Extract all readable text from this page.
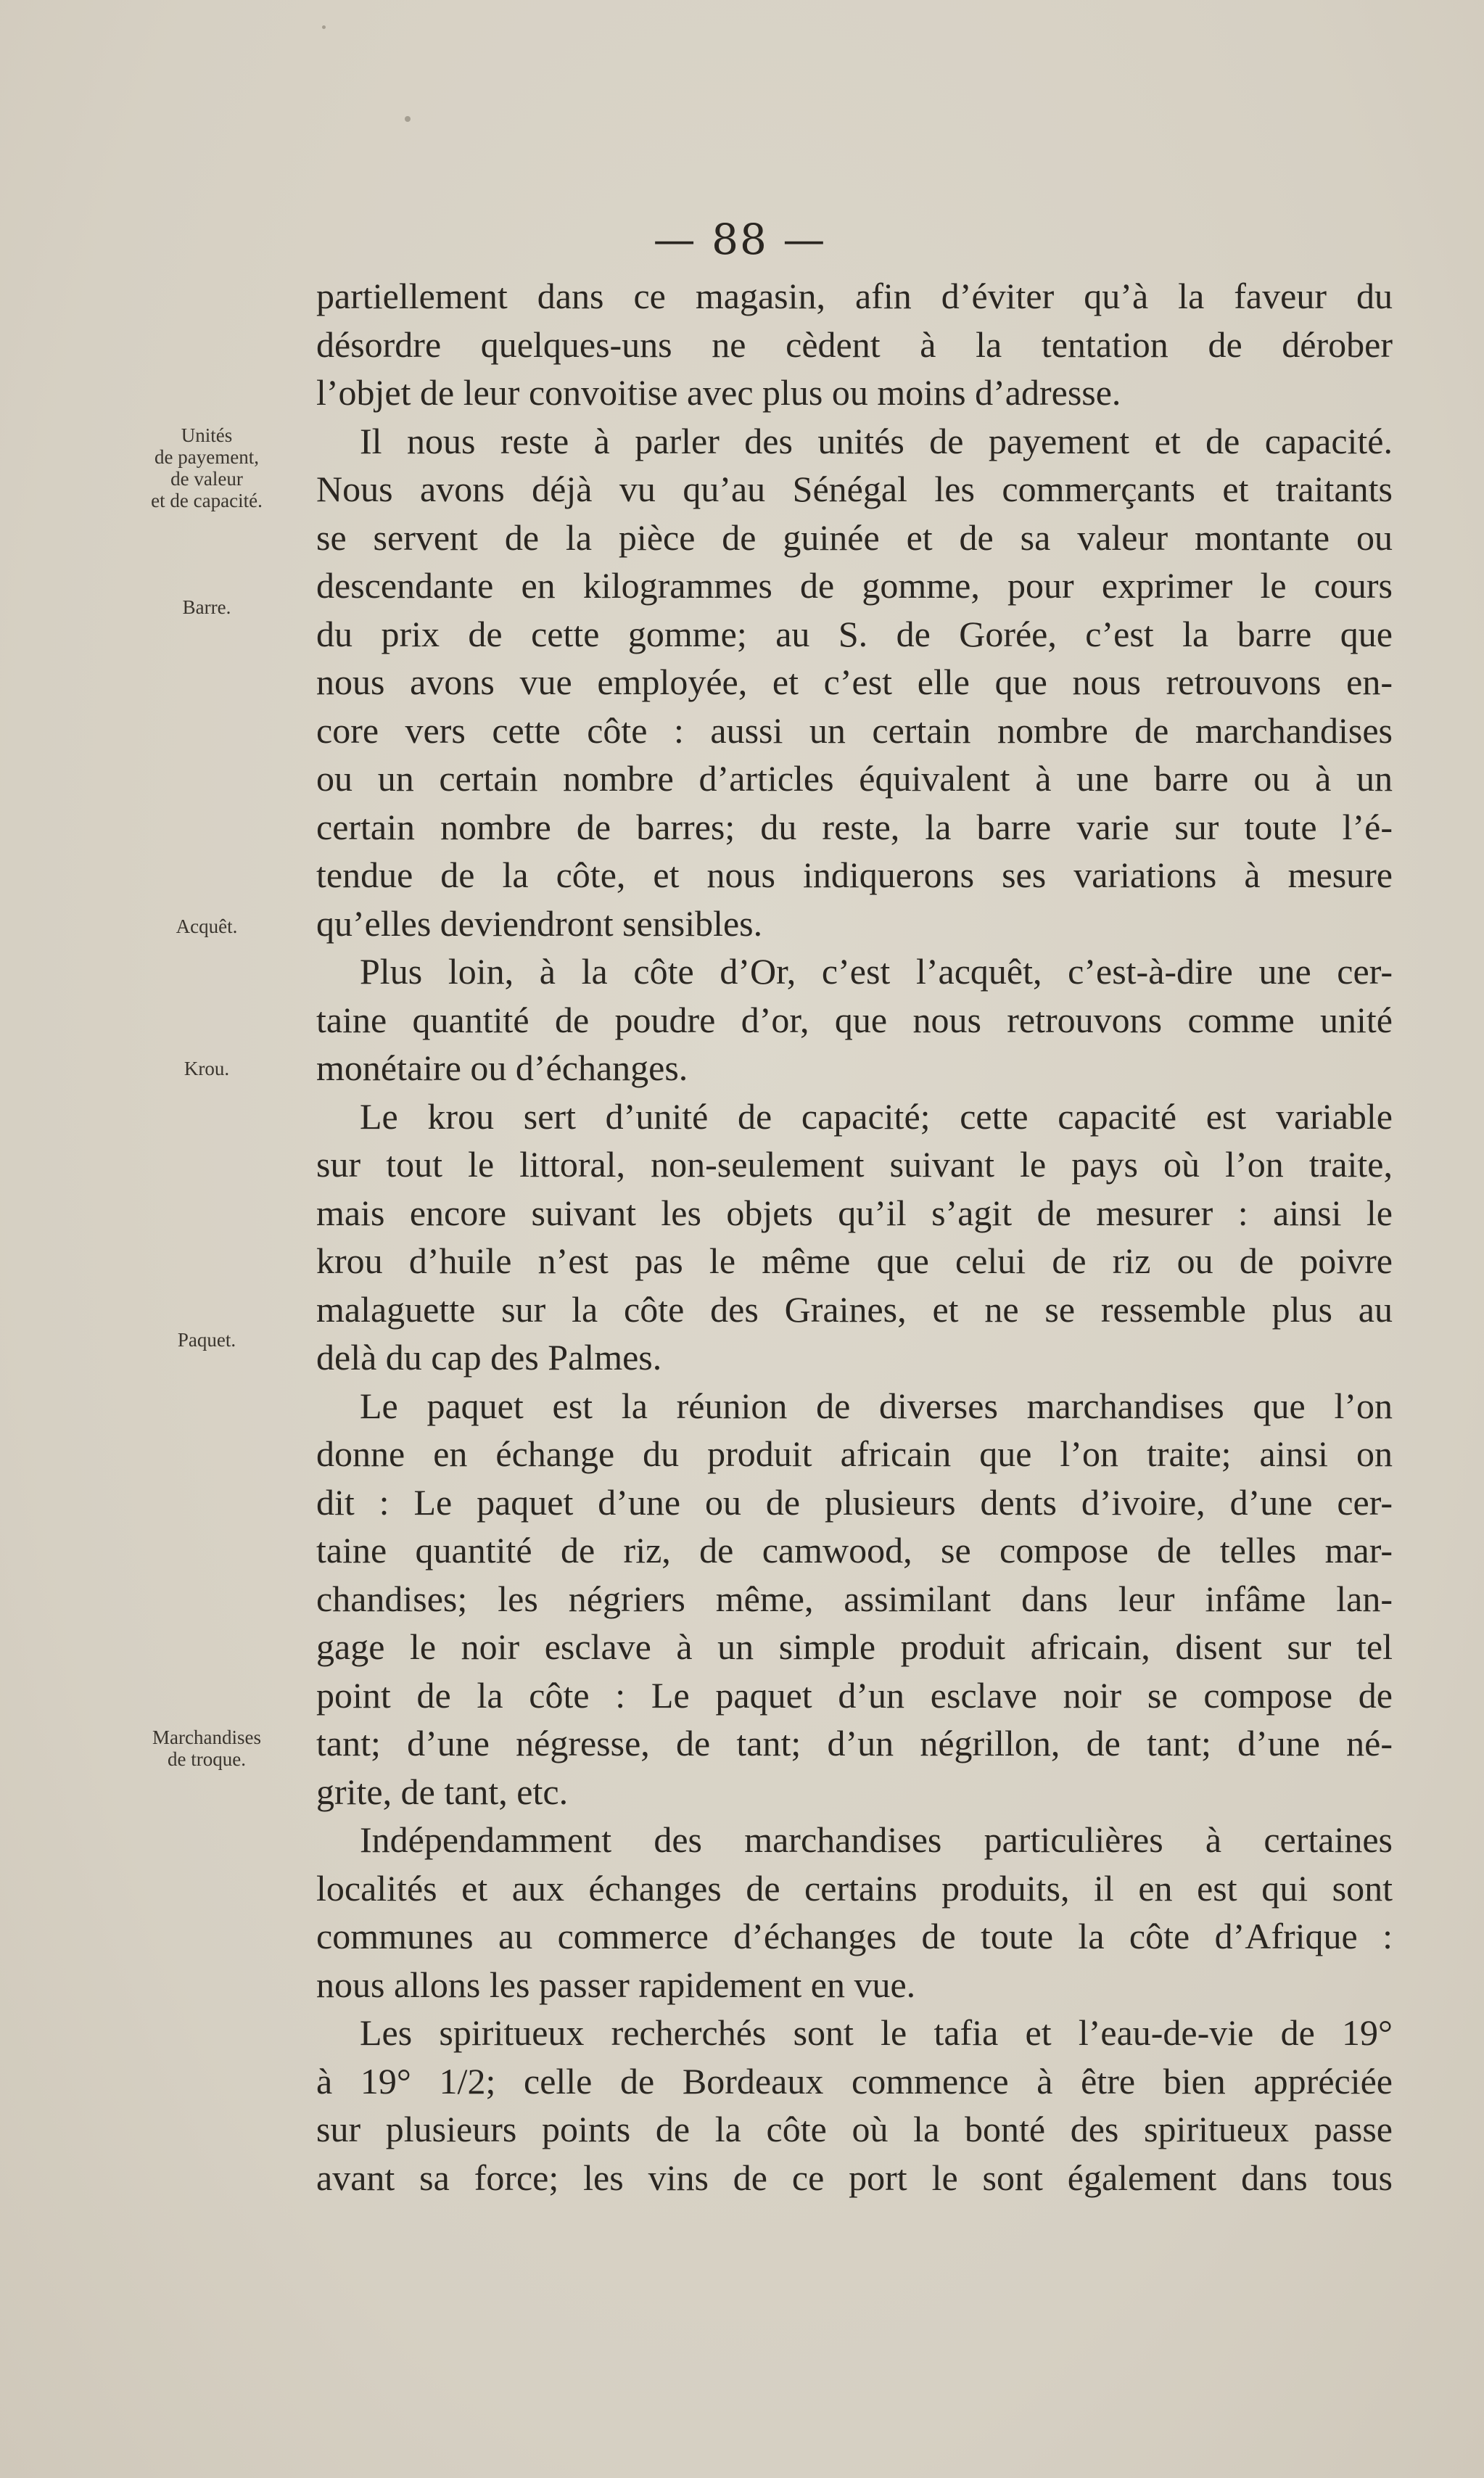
— 88 —
Unités
de payement,
de valeur
et de capacité.
Barre.
Acquêt.
Krou.
Paquet.
Marchandises
de troque.
partiellement dans ce magasin, afin d’éviter qu’à la faveur du
désordre quelques-uns ne cèdent à la tentation de dérober
l’objet de leur convoitise avec plus ou moins d’adresse.
Il nous reste à parler des unités de payement et de capacité.
Nous avons déjà vu qu’au Sénégal les commerçants et traitants
se servent de la pièce de guinée et de sa valeur montante ou
descendante en kilogrammes de gomme, pour exprimer le cours
du prix de cette gomme; au S. de Gorée, c’est la barre que
nous avons vue employée, et c’est elle que nous retrouvons en-
core vers cette côte : aussi un certain nombre de marchandises
ou un certain nombre d’articles équivalent à une barre ou à un
certain nombre de barres; du reste, la barre varie sur toute l’é-
tendue de la côte, et nous indiquerons ses variations à mesure
qu’elles deviendront sensibles.
Plus loin, à la côte d’Or, c’est l’acquêt, c’est-à-dire une cer-
taine quantité de poudre d’or, que nous retrouvons comme unité
monétaire ou d’échanges.
Le krou sert d’unité de capacité; cette capacité est variable
sur tout le littoral, non-seulement suivant le pays où l’on traite,
mais encore suivant les objets qu’il s’agit de mesurer : ainsi le
krou d’huile n’est pas le même que celui de riz ou de poivre
malaguette sur la côte des Graines, et ne se ressemble plus au
delà du cap des Palmes.
Le paquet est la réunion de diverses marchandises que l’on
donne en échange du produit africain que l’on traite; ainsi on
dit : Le paquet d’une ou de plusieurs dents d’ivoire, d’une cer-
taine quantité de riz, de camwood, se compose de telles mar-
chandises; les négriers même, assimilant dans leur infâme lan-
gage le noir esclave à un simple produit africain, disent sur tel
point de la côte : Le paquet d’un esclave noir se compose de
tant; d’une négresse, de tant; d’un négrillon, de tant; d’une né-
grite, de tant, etc.
Indépendamment des marchandises particulières à certaines
localités et aux échanges de certains produits, il en est qui sont
communes au commerce d’échanges de toute la côte d’Afrique :
nous allons les passer rapidement en vue.
Les spiritueux recherchés sont le tafia et l’eau-de-vie de 19°
à 19° 1/2; celle de Bordeaux commence à être bien appréciée
sur plusieurs points de la côte où la bonté des spiritueux passe
avant sa force; les vins de ce port le sont également dans tous
